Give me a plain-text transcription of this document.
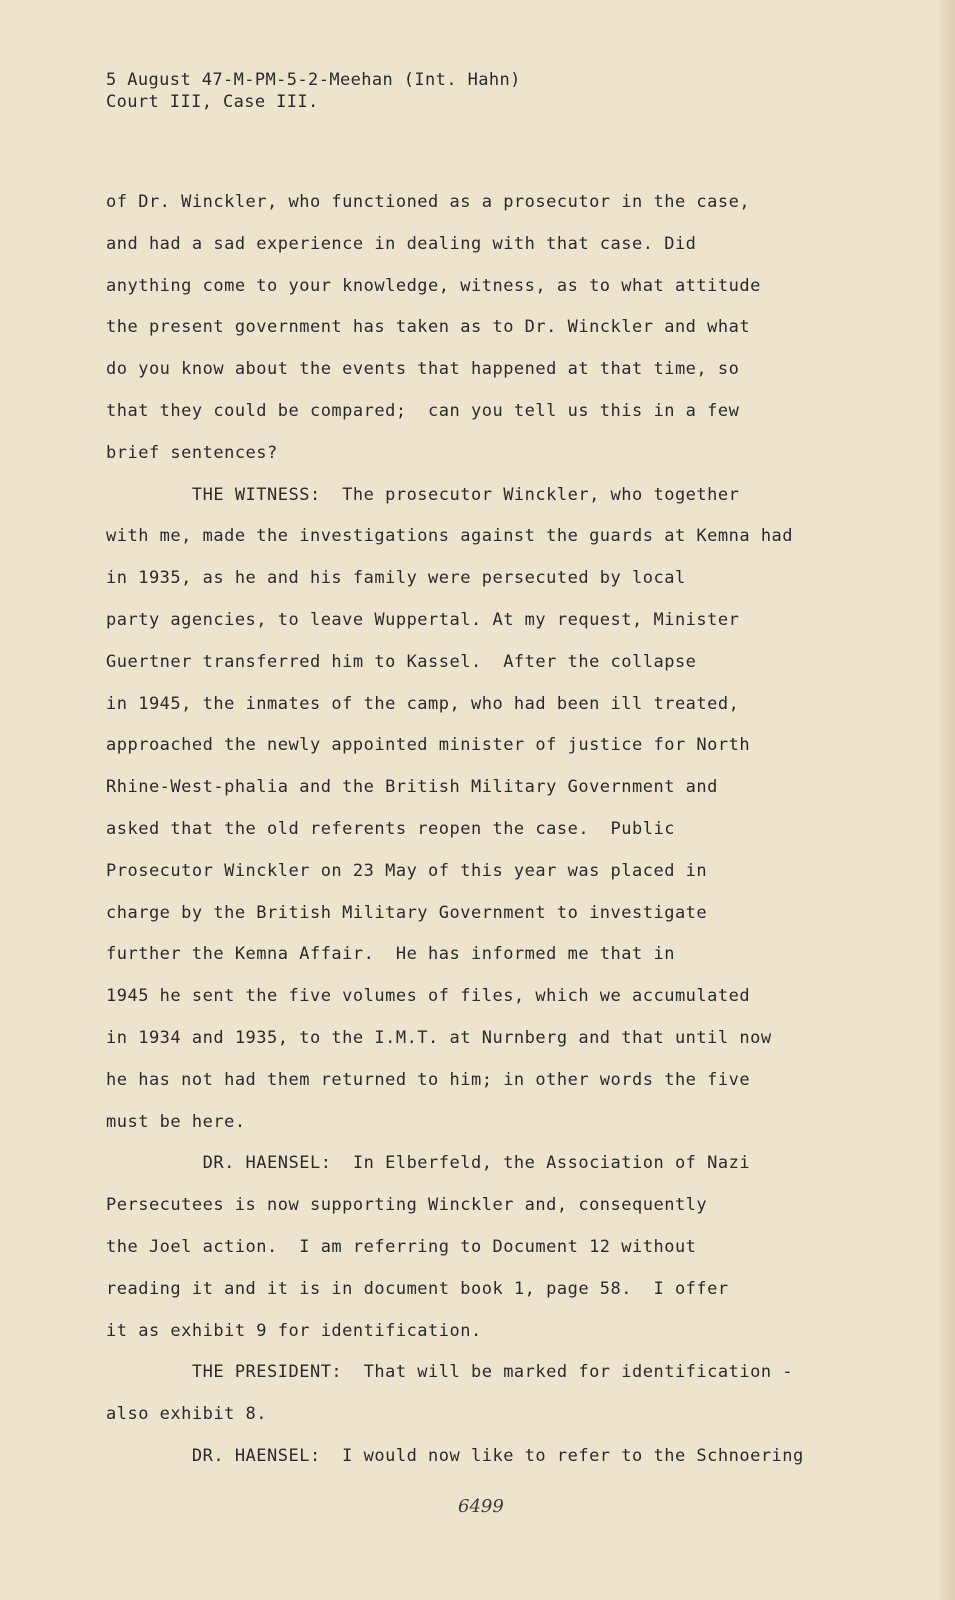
5 August 47-M-PM-5-2-Meehan (Int. Hahn)
Court III, Case III.
of Dr. Winckler, who functioned as a prosecutor in the case,
and had a sad experience in dealing with that case. Did
anything come to your knowledge, witness, as to what attitude
the present government has taken as to Dr. Winckler and what
do you know about the events that happened at that time, so
that they could be compared;  can you tell us this in a few
brief sentences?
THE WITNESS:  The prosecutor Winckler, who together
with me, made the investigations against the guards at Kemna had
in 1935, as he and his family were persecuted by local
party agencies, to leave Wuppertal. At my request, Minister
Guertner transferred him to Kassel.  After the collapse
in 1945, the inmates of the camp, who had been ill treated,
approached the newly appointed minister of justice for North
Rhine-West-phalia and the British Military Government and
asked that the old referents reopen the case.  Public
Prosecutor Winckler on 23 May of this year was placed in
charge by the British Military Government to investigate
further the Kemna Affair.  He has informed me that in
1945 he sent the five volumes of files, which we accumulated
in 1934 and 1935, to the I.M.T. at Nurnberg and that until now
he has not had them returned to him; in other words the five
must be here.
DR. HAENSEL:  In Elberfeld, the Association of Nazi
Persecutees is now supporting Winckler and, consequently
the Joel action.  I am referring to Document 12 without
reading it and it is in document book 1, page 58.  I offer
it as exhibit 9 for identification.
THE PRESIDENT:  That will be marked for identification -
also exhibit 8.
DR. HAENSEL:  I would now like to refer to the Schnoering
6499
